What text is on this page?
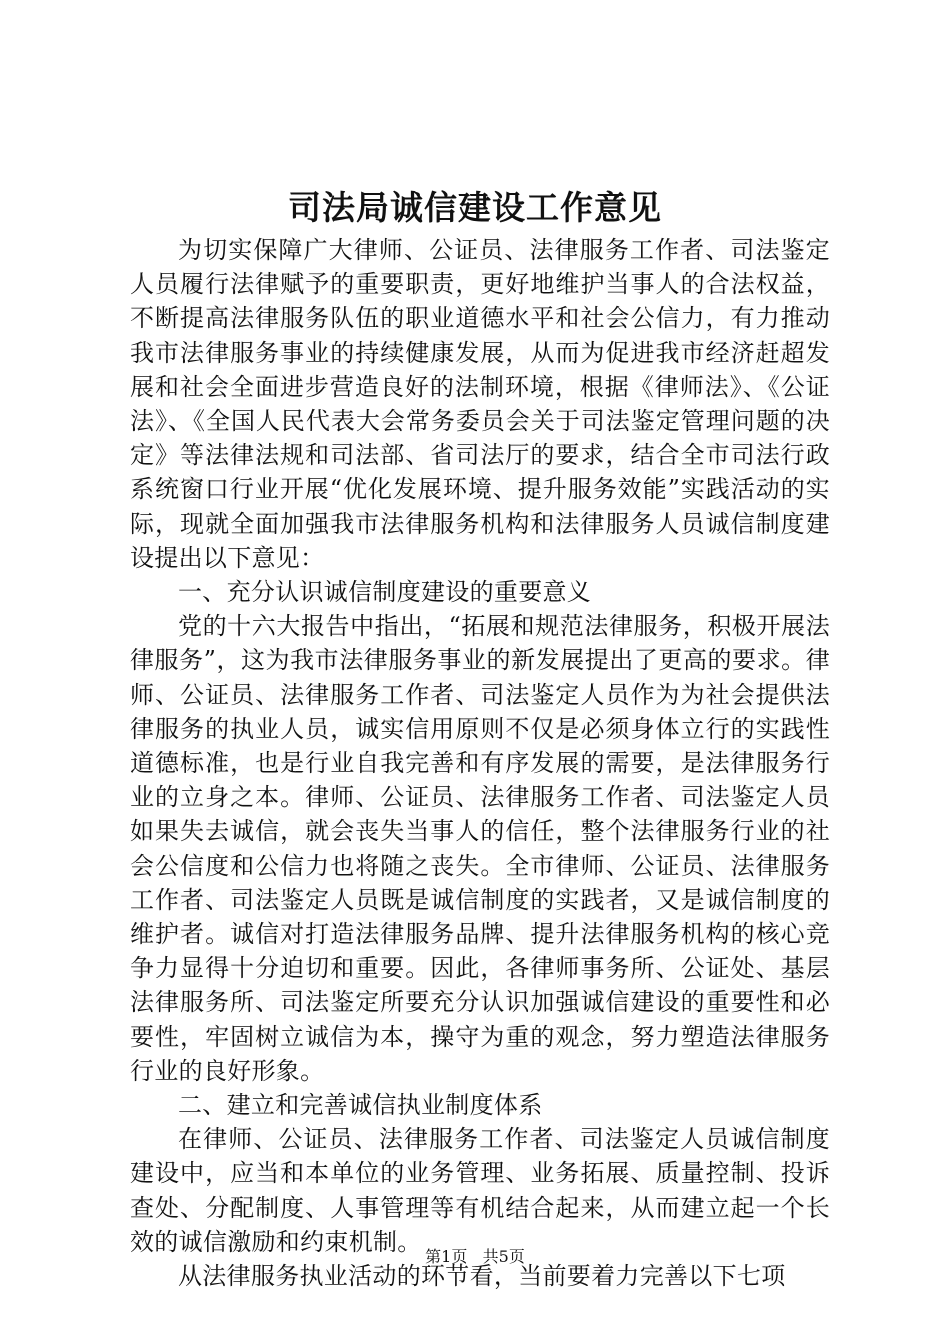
司法局诚信建设工作意见

为切实保障广大律师、公证员、法律服务工作者、司法鉴定人员履行法律赋予的重要职责，更好地维护当事人的合法权益，不断提高法律服务队伍的职业道德水平和社会公信力，有力推动我市法律服务事业的持续健康发展，从而为促进我市经济赶超发展和社会全面进步营造良好的法制环境，根据《律师法》、《公证法》、《全国人民代表大会常务委员会关于司法鉴定管理问题的决定》等法律法规和司法部、省司法厅的要求，结合全市司法行政系统窗口行业开展“优化发展环境、提升服务效能”实践活动的实际，现就全面加强我市法律服务机构和法律服务人员诚信制度建设提出以下意见：

一、充分认识诚信制度建设的重要意义

党的十六大报告中指出，“拓展和规范法律服务，积极开展法律服务”，这为我市法律服务事业的新发展提出了更高的要求。律师、公证员、法律服务工作者、司法鉴定人员作为为社会提供法律服务的执业人员，诚实信用原则不仅是必须身体立行的实践性道德标准，也是行业自我完善和有序发展的需要，是法律服务行业的立身之本。律师、公证员、法律服务工作者、司法鉴定人员如果失去诚信，就会丧失当事人的信任，整个法律服务行业的社会公信度和公信力也将随之丧失。全市律师、公证员、法律服务工作者、司法鉴定人员既是诚信制度的实践者，又是诚信制度的维护者。诚信对打造法律服务品牌、提升法律服务机构的核心竞争力显得十分迫切和重要。因此，各律师事务所、公证处、基层法律服务所、司法鉴定所要充分认识加强诚信建设的重要性和必要性，牢固树立诚信为本，操守为重的观念，努力塑造法律服务行业的良好形象。

二、建立和完善诚信执业制度体系

在律师、公证员、法律服务工作者、司法鉴定人员诚信制度建设中，应当和本单位的业务管理、业务拓展、质量控制、投诉查处、分配制度、人事管理等有机结合起来，从而建立起一个长效的诚信激励和约束机制。

从法律服务执业活动的环节看，当前要着力完善以下七项

第1页 共5页
